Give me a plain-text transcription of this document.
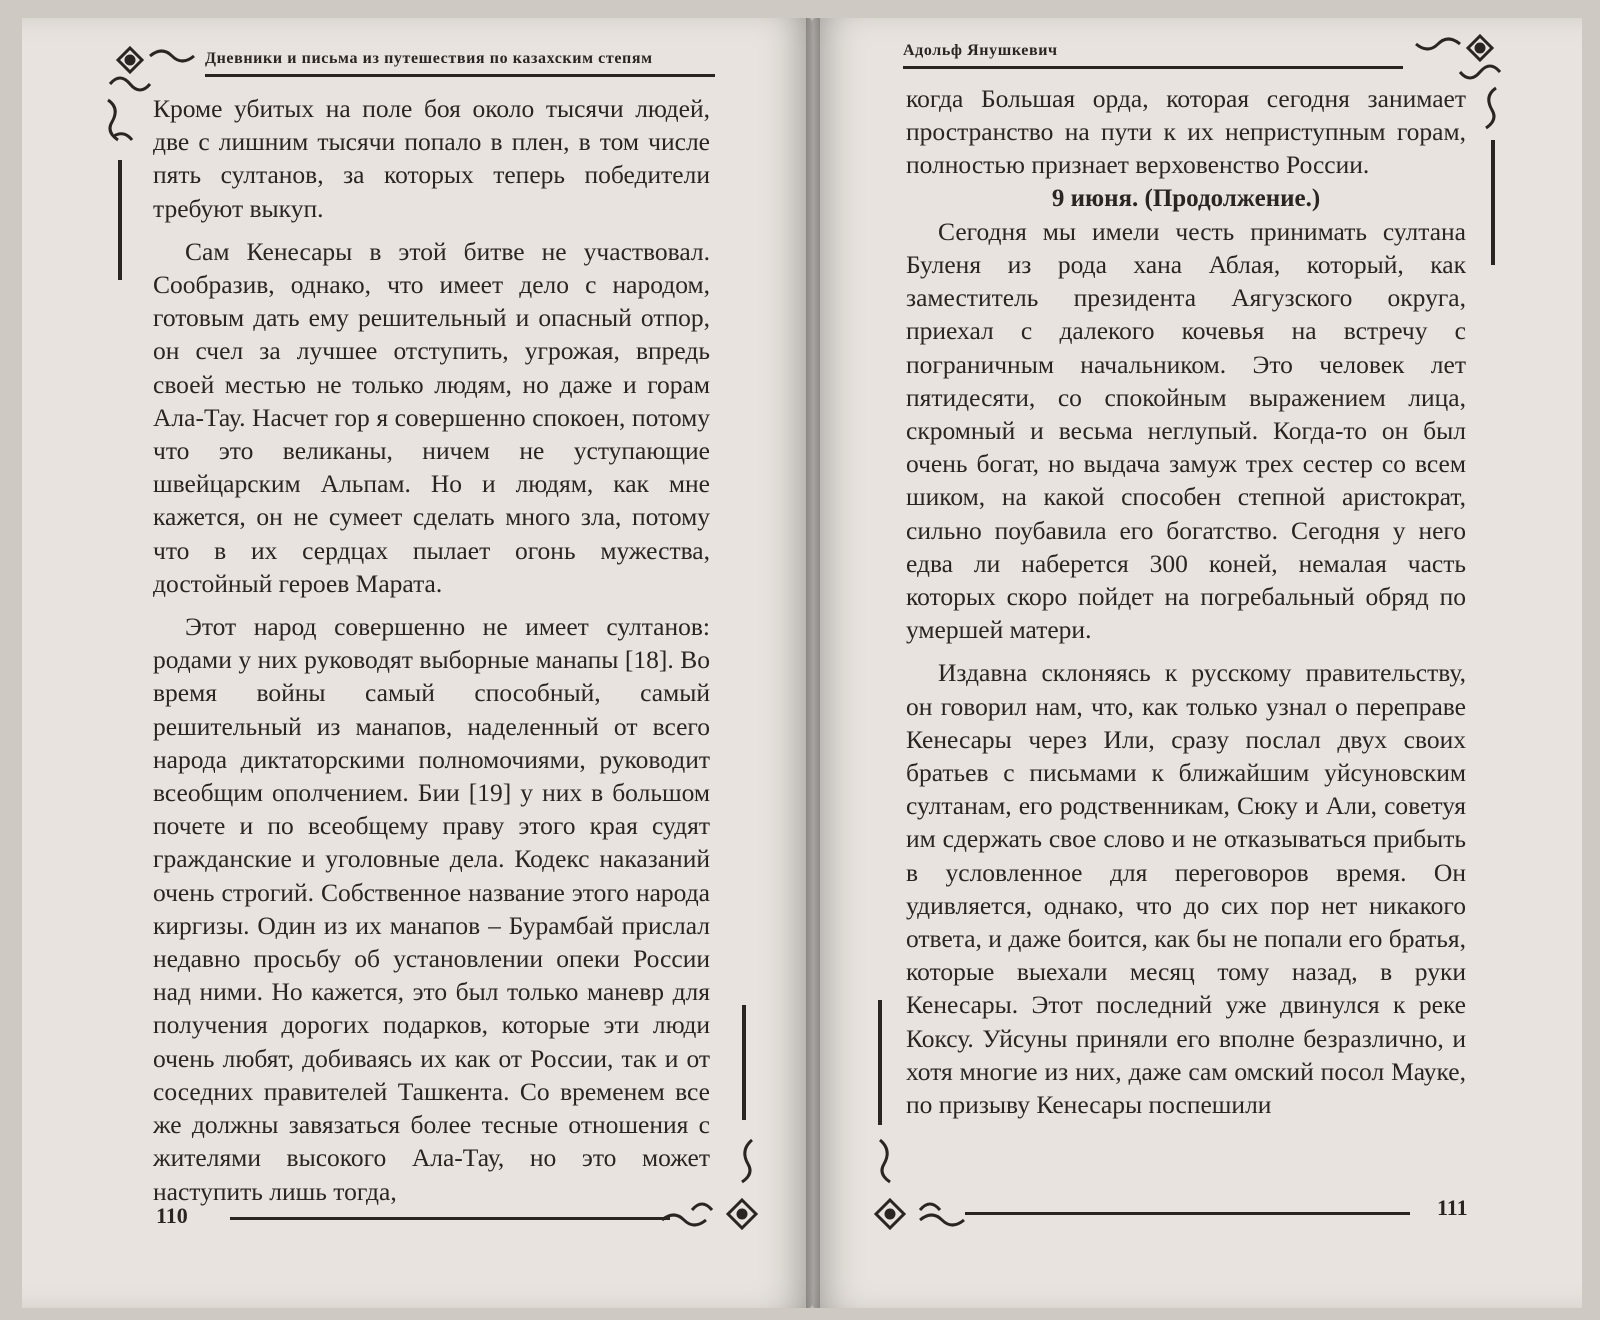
Дневники и письма из путешествия по казахским степям
110

Кроме убитых на поле боя около тысячи людей, две с лишним тысячи попало в плен, в том числе пять султанов, за которых теперь победители требуют выкуп.

Сам Кенесары в этой битве не участвовал. Сообразив, однако, что имеет дело с народом, готовым дать ему решительный и опасный отпор, он счел за лучшее отступить, угрожая, впредь своей местью не только людям, но даже и горам Ала-Тау. Насчет гор я совершенно спокоен, потому что это великаны, ничем не уступающие швейцарским Альпам. Но и людям, как мне кажется, он не сумеет сделать много зла, потому что в их сердцах пылает огонь мужества, достойный героев Марата.

Этот народ совершенно не имеет султанов: родами у них руководят выборные манапы [18]. Во время войны самый способный, самый решительный из манапов, наделенный от всего народа диктаторскими полномочиями, руководит всеобщим ополчением. Бии [19] у них в большом почете и по всеобщему праву этого края судят гражданские и уголовные дела. Кодекс наказаний очень строгий. Собственное название этого народа киргизы. Один из их манапов – Бурамбай прислал недавно просьбу об установлении опеки России над ними. Но кажется, это был только маневр для получения дорогих подарков, которые эти люди очень любят, добиваясь их как от России, так и от соседних правителей Ташкента. Со временем все же должны завязаться более тесные отношения с жителями высокого Ала-Тау, но это может наступить лишь тогда,

Адольф Янушкевич
111

когда Большая орда, которая сегодня занимает пространство на пути к их неприступным горам, полностью признает верховенство России.

9 июня. (Продолжение.)

Сегодня мы имели честь принимать султана Буленя из рода хана Аблая, который, как заместитель президента Аягузского округа, приехал с далекого кочевья на встречу с пограничным начальником. Это человек лет пятидесяти, со спокойным выражением лица, скромный и весьма неглупый. Когда-то он был очень богат, но выдача замуж трех сестер со всем шиком, на какой способен степной аристократ, сильно поубавила его богатство. Сегодня у него едва ли наберется 300 коней, немалая часть которых скоро пойдет на погребальный обряд по умершей матери.

Издавна склоняясь к русскому правительству, он говорил нам, что, как только узнал о переправе Кенесары через Или, сразу послал двух своих братьев с письмами к ближайшим уйсуновским султанам, его родственникам, Сюку и Али, советуя им сдержать свое слово и не отказываться прибыть в условленное для переговоров время. Он удивляется, однако, что до сих пор нет никакого ответа, и даже боится, как бы не попали его братья, которые выехали месяц тому назад, в руки Кенесары. Этот последний уже двинулся к реке Коксу. Уйсуны приняли его вполне безразлично, и хотя многие из них, даже сам омский посол Мауке, по призыву Кенесары поспешили
